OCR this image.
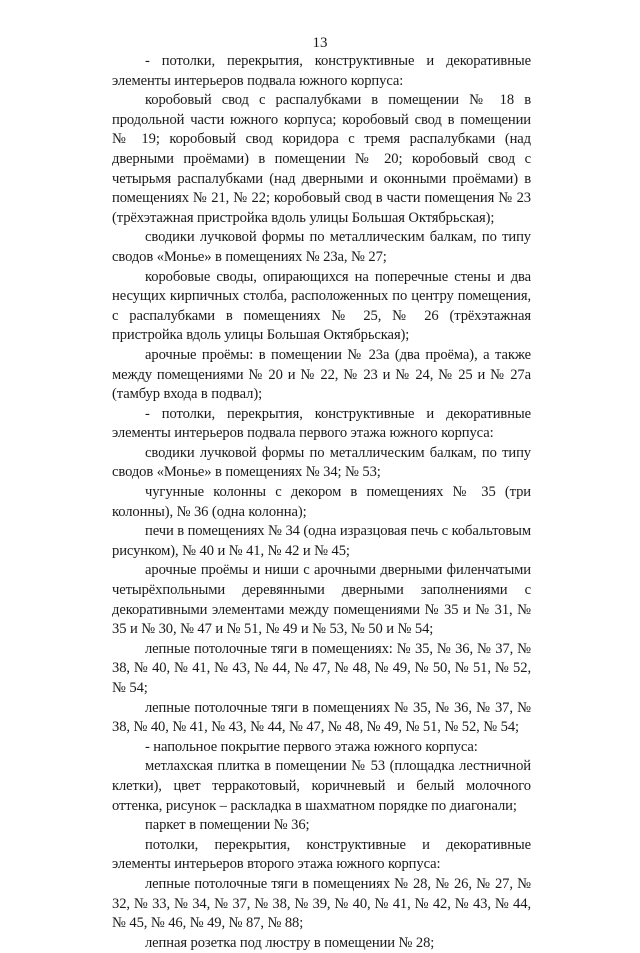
13

- потолки, перекрытия, конструктивные и декоративные элементы интерьеров подвала южного корпуса:

коробовый свод с распалубками в помещении № 18 в продольной части южного корпуса; коробовый свод в помещении № 19; коробовый свод коридора с тремя распалубками (над дверными проёмами) в помещении № 20; коробовый свод с четырьмя распалубками (над дверными и оконными проёмами) в помещениях № 21, № 22; коробовый свод в части помещения № 23 (трёхэтажная пристройка вдоль улицы Большая Октябрьская);

сводики лучковой формы по металлическим балкам, по типу сводов «Монье» в помещениях № 23а, № 27;

коробовые своды, опирающихся на поперечные стены и два несущих кирпичных столба, расположенных по центру помещения, с распалубками в помещениях № 25, № 26 (трёхэтажная пристройка вдоль улицы Большая Октябрьская);

арочные проёмы: в помещении № 23а (два проёма), а также между помещениями № 20 и № 22, № 23 и № 24, № 25 и № 27а (тамбур входа в подвал);

- потолки, перекрытия, конструктивные и декоративные элементы интерьеров подвала первого этажа южного корпуса:

сводики лучковой формы по металлическим балкам, по типу сводов «Монье» в помещениях № 34; № 53;

чугунные колонны с декором в помещениях № 35 (три колонны), № 36 (одна колонна);

печи в помещениях № 34 (одна изразцовая печь с кобальтовым рисунком), № 40 и № 41, № 42 и № 45;

арочные проёмы и ниши с арочными дверными филенчатыми четырёхпольными деревянными дверными заполнениями с декоративными элементами между помещениями № 35 и № 31, № 35 и № 30, № 47 и № 51, № 49 и № 53, № 50 и № 54;

лепные потолочные тяги в помещениях: № 35, № 36, № 37, № 38, № 40, № 41, № 43, № 44, № 47, № 48, № 49, № 50, № 51, № 52, № 54;

лепные потолочные тяги в помещениях № 35, № 36, № 37, № 38, № 40, № 41, № 43, № 44, № 47, № 48, № 49, № 51, № 52, № 54;

- напольное покрытие первого этажа южного корпуса:

метлахская плитка в помещении № 53 (площадка лестничной клетки), цвет терракотовый, коричневый и белый молочного оттенка, рисунок – раскладка в шахматном порядке по диагонали;

паркет в помещении № 36;

потолки, перекрытия, конструктивные и декоративные элементы интерьеров второго этажа южного корпуса:

лепные потолочные тяги в помещениях № 28, № 26, № 27, № 32, № 33, № 34, № 37, № 38, № 39, № 40, № 41, № 42, № 43, № 44, № 45, № 46, № 49, № 87, № 88;

лепная розетка под люстру в помещении № 28;
